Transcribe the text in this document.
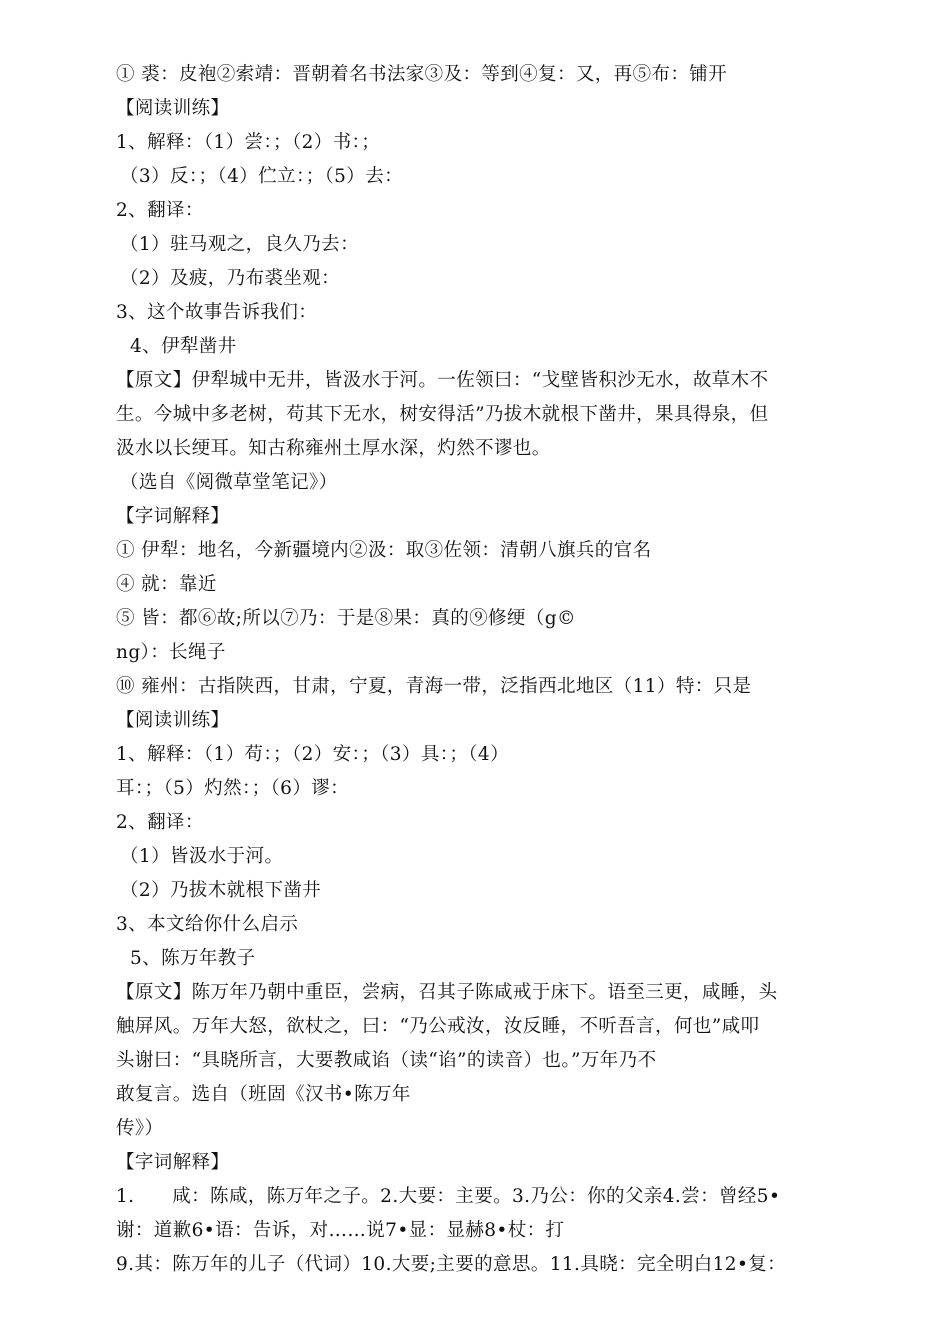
① 裘：皮袍②索靖：晋朝着名书法家③及：等到④复：又，再⑤布：铺开
【阅读训练】
1、解释：（1）尝：；（2）书：；
（3）反：；（4）伫立：；（5）去：
2、翻译：
（1）驻马观之，良久乃去：
（2）及疲，乃布裘坐观：
3、这个故事告诉我们：
4、伊犁凿井
【原文】伊犁城中无井，皆汲水于河。一佐领曰：“戈壁皆积沙无水，故草木不
生。今城中多老树，苟其下无水，树安得活”乃拔木就根下凿井，果具得泉，但
汲水以长绠耳。知古称雍州土厚水深，灼然不谬也。
（选自《阅微草堂笔记》）
【字词解释】
① 伊犁：地名，今新疆境内②汲：取③佐领：清朝八旗兵的官名
④ 就：靠近
⑤ 皆：都⑥故;所以⑦乃：于是⑧果：真的⑨修绠（g©
ng）：长绳子
⑩ 雍州：古指陕西，甘肃，宁夏，青海一带，泛指西北地区（11）特：只是
【阅读训练】
1、解释：（1）苟：；（2）安：；（3）具：；（4）
耳：；（5）灼然：；（6）谬：
2、翻译：
（1）皆汲水于河。
（2）乃拔木就根下凿井
3、本文给你什么启示
5、陈万年教子
【原文】陈万年乃朝中重臣，尝病，召其子陈咸戒于床下。语至三更，咸睡，头
触屏风。万年大怒，欲杖之，曰：“乃公戒汝，汝反睡，不听吾言，何也”咸叩
头谢曰：“具晓所言，大要教咸谄（读“谄”的读音）也。”万年乃不
敢复言。选自（班固《汉书•陈万年
传》）
【字词解释】
1.　　咸：陈咸，陈万年之子。2.大要：主要。3.乃公：你的父亲4.尝：曾经5•
谢：道歉6•语：告诉，对……说7•显：显赫8•杖：打
9.其：陈万年的儿子（代词）10.大要;主要的意思。11.具晓：完全明白12•复：
